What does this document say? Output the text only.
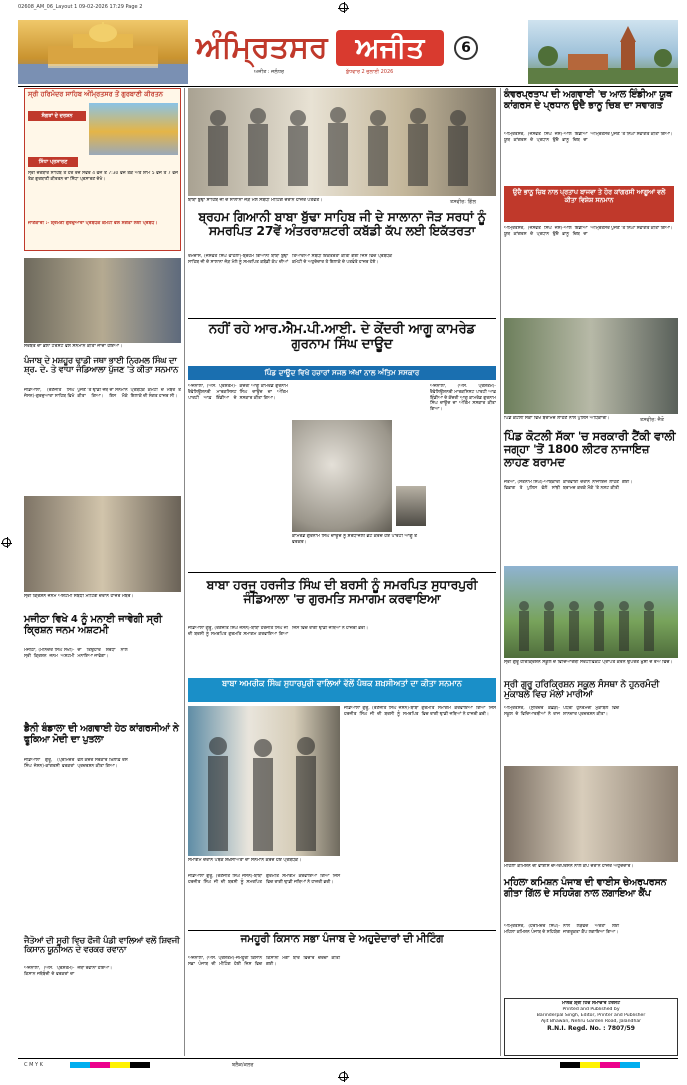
02608_AM_06_Layout 1 09-02-2026 17:29 Page 2
ਅੰਮ੍ਰਿਤਸਰ	ਅਜੀਤ	6
ਅਜੀਤ : ਜਲੰਧਰ	ਬੁੱਧਵਾਰ 2 ਜੁਲਾਈ 2026
ਸ੍ਰੀ ਹਰਿਮੰਦਰ ਸਾਹਿਬ ਅੰਮ੍ਰਿਤਸਰ ਤੋਂ ਗੁਰਬਾਣੀ ਕੀਰਤਨ
ਸੰਗਤਾਂ ਦੇ ਦਰਸ਼ਨ
ਸਿੱਧਾ ਪ੍ਰਸਾਰਣ
ਸ੍ਰੀ ਦਰਬਾਰ ਸਾਹਿਬ ਤੋਂ ਹਰ ਰੋਜ਼ ਸਵੇਰੇ 4 ਵਜੇ ਤੋਂ 7:30 ਵਜੇ ਤੱਕ ਅਤੇ ਸ਼ਾਮ 5 ਵਜੇ ਤੋਂ 7 ਵਜੇ ਤੱਕ ਗੁਰਬਾਣੀ ਕੀਰਤਨ ਦਾ ਸਿੱਧਾ ਪ੍ਰਸਾਰਣ ਦੇਖੋ।
ਜਾਣਕਾਰੀ :- ਸ਼੍ਰੋਮਣੀ ਗੁਰਦੁਆਰਾ ਪ੍ਰਬੰਧਕ ਕਮੇਟੀ ਵੱਲੋਂ ਸੰਗਤਾਂ ਲਈ ਪ੍ਰਬੰਧ।
ਸਰਬੱਤ ਦਾ ਭਲਾ ਟਰੱਸਟ ਵੱਲੋਂ ਸਨਮਾਨ ਕੀਤਾ ਜਾਂਦਾ ਹੋਇਆ।
ਪੰਜਾਬ ਦੇ ਮਸ਼ਹੂਰ ਢਾਡੀ ਜਥਾ ਭਾਈ ਨਿਰਮਲ ਸਿੰਘ ਦਾ ਸ਼੍ਰ. ਦੇ. ਤੇ ਵਾਧਾ ਜੰਡਿਆਲਾ ਪੁੱਜਣ 'ਤੇ ਕੀਤਾ ਸਨਮਾਨ
ਜੰਡਿਆਲਾ, (ਰਣਜੀਤ ਸਿੰਘ ਜੋਸਨ)-ਗੁਰਦੁਆਰਾ ਸਾਹਿਬ ਵਿਖੇ ਪੁੱਜਣ 'ਤੇ ਢਾਡੀ ਜਥੇ ਦਾ ਸਨਮਾਨ ਕੀਤਾ ਗਿਆ। ਇਸ ਮੌਕੇ ਪ੍ਰਬੰਧਕ ਕਮੇਟੀ ਦੇ ਮੈਂਬਰ ਤੇ ਇਲਾਕੇ ਦੀ ਸੰਗਤ ਹਾਜ਼ਰ ਸੀ।
ਸ੍ਰੀ ਕ੍ਰਿਸ਼ਨ ਜਨਮ ਅਸ਼ਟਮੀ ਸਬੰਧੀ ਮੀਟਿੰਗ ਦੌਰਾਨ ਹਾਜ਼ਰ ਮੈਂਬਰ।
ਮਜੀਠਾ ਵਿਖੇ 4 ਨੂੰ ਮਨਾਈ ਜਾਵੇਗੀ ਸ੍ਰੀ ਕ੍ਰਿਸ਼ਨ ਜਨਮ ਅਸ਼ਟਮੀ
ਮਜੀਠਾ, (ਮਨਿੰਦਰ ਸਿੰਘ ਸੋਖੀ)-ਸ੍ਰੀ ਕ੍ਰਿਸ਼ਨ ਜਨਮ ਅਸ਼ਟਮੀ ਦਾ ਤਿਉਹਾਰ ਸ਼ਰਧਾ ਨਾਲ ਮਨਾਇਆ ਜਾਵੇਗਾ।
ਡੈਨੀ ਬੰਡਾਲਾ ਦੀ ਅਗਵਾਈ ਹੇਠ ਕਾਂਗਰਸੀਆਂ ਨੇ ਫੂਕਿਆ ਮੋਦੀ ਦਾ ਪੁਤਲਾ
ਜੰਡਿਆਲਾ ਗੁਰੂ, (ਪ੍ਰਮਿੰਦਰ ਸਿੰਘ ਜੋਸਨ)-ਕਾਂਗਰਸੀ ਵਰਕਰਾਂ ਵੱਲੋਂ ਕੇਂਦਰ ਸਰਕਾਰ ਖ਼ਿਲਾਫ਼ ਰੋਸ ਪ੍ਰਦਰਸ਼ਨ ਕੀਤਾ ਗਿਆ।
ਜੈਤੋਆਂ ਦੀ ਸੂਰੀ ਵਿਚ ਫੌਜੀ ਪੰਡੀ ਵਾਲਿਆਂ ਵਲੋਂ ਸ਼ਿਵਜੀ ਕਿਸਾਨ ਯੂਨੀਅਨ ਦੇ ਵਰਕਰ ਰਵਾਨਾ
ਅਜਨਾਲਾ, (ਐਸ. ਪ੍ਰਸ਼ੋਤਮ)-ਕਿਸਾਨ ਜਥੇਬੰਦੀ ਦੇ ਵਰਕਰਾਂ ਦਾ ਜਥਾ ਰਵਾਨਾ ਹੋਇਆ।
ਬਾਬਾ ਬੁੱਢਾ ਸਾਹਿਬ ਜੀ ਦੇ ਸਾਲਾਨਾ ਜੋੜ ਮੇਲੇ ਸਬੰਧੀ ਮੀਟਿੰਗ ਦੌਰਾਨ ਹਾਜ਼ਰ ਪਤਵੰਤੇ।	ਤਸਵੀਰ: ਗਿੱਲ
ਬ੍ਰਹਮ ਗਿਆਨੀ ਬਾਬਾ ਬੁੱਢਾ ਸਾਹਿਬ ਜੀ ਦੇ ਸਾਲਾਨਾ ਜੋੜ ਸਰਧਾਂ ਨੂੰ ਸਮਰਪਿਤ 27ਵੇਂ ਅੰਤਰਰਾਸ਼ਟਰੀ ਕਬੱਡੀ ਕੱਪ ਲਈ ਇਕੱਤਰਤਾ
ਰਮਦਾਸ, (ਜਸਵੰਤ ਸਿੰਘ ਵਾਹਲਾ)-ਬ੍ਰਹਮ ਗਿਆਨੀ ਬਾਬਾ ਬੁੱਢਾ ਸਾਹਿਬ ਜੀ ਦੇ ਸਾਲਾਨਾ ਜੋੜ ਮੇਲੇ ਨੂੰ ਸਮਰਪਿਤ ਕਬੱਡੀ ਕੱਪ ਦੀਆਂ ਤਿਆਰੀਆਂ ਸਬੰਧੀ ਇਕੱਤਰਤਾ ਕੀਤੀ ਗਈ ਜਿਸ ਵਿਚ ਪ੍ਰਬੰਧਕ ਕਮੇਟੀ ਦੇ ਅਹੁਦੇਦਾਰ ਤੇ ਇਲਾਕੇ ਦੇ ਪਤਵੰਤੇ ਹਾਜ਼ਰ ਹੋਏ।
ਨਹੀਂ ਰਹੇ ਆਰ.ਐਮ.ਪੀ.ਆਈ. ਦੇ ਕੇਂਦਰੀ ਆਗੂ ਕਾਮਰੇਡ ਗੁਰਨਾਮ ਸਿੰਘ ਦਾਊਦ
ਪਿੰਡ ਦਾਊਦ ਵਿਖੇ ਹਜ਼ਾਰਾਂ ਸਜਲ ਅੱਖਾਂ ਨਾਲ ਅੰਤਿਮ ਸਸਕਾਰ
ਅਜਨਾਲਾ, (ਐਸ. ਪ੍ਰਸ਼ੋਤਮ)-ਰੈਵੋਲਿਊਸ਼ਨਰੀ ਮਾਰਕਸਿਸਟ ਪਾਰਟੀ ਆਫ਼ ਇੰਡੀਆ ਦੇ ਕੇਂਦਰੀ ਆਗੂ ਕਾਮਰੇਡ ਗੁਰਨਾਮ ਸਿੰਘ ਦਾਊਦ ਦਾ ਅੰਤਿਮ ਸਸਕਾਰ ਕੀਤਾ ਗਿਆ।
ਅਜਨਾਲਾ, (ਐਸ. ਪ੍ਰਸ਼ੋਤਮ)-ਰੈਵੋਲਿਊਸ਼ਨਰੀ ਮਾਰਕਸਿਸਟ ਪਾਰਟੀ ਆਫ਼ ਇੰਡੀਆ ਦੇ ਕੇਂਦਰੀ ਆਗੂ ਕਾਮਰੇਡ ਗੁਰਨਾਮ ਸਿੰਘ ਦਾਊਦ ਦਾ ਅੰਤਿਮ ਸਸਕਾਰ ਕੀਤਾ ਗਿਆ।
ਕਾਮਰੇਡ ਗੁਰਨਾਮ ਸਿੰਘ ਦਾਊਦ ਨੂੰ ਸ਼ਰਧਾਂਜਲੀ ਭੇਟ ਕਰਦੇ ਹੋਏ ਪਾਰਟੀ ਆਗੂ ਤੇ ਵਰਕਰ।
ਬਾਬਾ ਹਰਜੂ ਹਰਜੀਤ ਸਿੰਘ ਦੀ ਬਰਸੀ ਨੂੰ ਸਮਰਪਿਤ ਸੁਧਾਰਪੁਰੀ ਜੰਡਿਆਲਾ 'ਚ ਗੁਰਮਤਿ ਸਮਾਗਮ ਕਰਵਾਇਆ
ਬਾਬਾ ਅਮਰੀਕ ਸਿੰਘ ਸੁਧਾਰਪੁਰੀ ਵਾਲਿਆਂ ਵੱਲੋਂ ਪੰਥਕ ਸ਼ਖ਼ਸੀਅਤਾਂ ਦਾ ਕੀਤਾ ਸਨਮਾਨ
ਜੰਡਿਆਲਾ ਗੁਰੂ, (ਰਣਜੀਤ ਸਿੰਘ ਜੋਸਨ)-ਬਾਬਾ ਹਰਜੀਤ ਸਿੰਘ ਜੀ ਦੀ ਬਰਸੀ ਨੂੰ ਸਮਰਪਿਤ ਗੁਰਮਤਿ ਸਮਾਗਮ ਕਰਵਾਇਆ ਗਿਆ ਜਿਸ ਵਿਚ ਰਾਗੀ ਢਾਡੀ ਜਥਿਆਂ ਨੇ ਹਾਜ਼ਰੀ ਭਰੀ।
ਜੰਡਿਆਲਾ ਗੁਰੂ, (ਰਣਜੀਤ ਸਿੰਘ ਜੋਸਨ)-ਬਾਬਾ ਹਰਜੀਤ ਸਿੰਘ ਜੀ ਦੀ ਬਰਸੀ ਨੂੰ ਸਮਰਪਿਤ ਗੁਰਮਤਿ ਸਮਾਗਮ ਕਰਵਾਇਆ ਗਿਆ ਜਿਸ ਵਿਚ ਰਾਗੀ ਢਾਡੀ ਜਥਿਆਂ ਨੇ ਹਾਜ਼ਰੀ ਭਰੀ।
ਸਮਾਗਮ ਦੌਰਾਨ ਪੰਥਕ ਸ਼ਖ਼ਸੀਅਤਾਂ ਦਾ ਸਨਮਾਨ ਕਰਦੇ ਹੋਏ ਪ੍ਰਬੰਧਕ।
ਜੰਡਿਆਲਾ ਗੁਰੂ, (ਰਣਜੀਤ ਸਿੰਘ ਜੋਸਨ)-ਬਾਬਾ ਹਰਜੀਤ ਸਿੰਘ ਜੀ ਦੀ ਬਰਸੀ ਨੂੰ ਸਮਰਪਿਤ ਗੁਰਮਤਿ ਸਮਾਗਮ ਕਰਵਾਇਆ ਗਿਆ ਜਿਸ ਵਿਚ ਰਾਗੀ ਢਾਡੀ ਜਥਿਆਂ ਨੇ ਹਾਜ਼ਰੀ ਭਰੀ।
ਜਮਹੂਰੀ ਕਿਸਾਨ ਸਭਾ ਪੰਜਾਬ ਦੇ ਅਹੁਦੇਦਾਰਾਂ ਦੀ ਮੀਟਿੰਗ
ਅਜਨਾਲਾ, (ਐਸ. ਪ੍ਰਸ਼ੋਤਮ)-ਜਮਹੂਰੀ ਕਿਸਾਨ ਸਭਾ ਪੰਜਾਬ ਦੀ ਮੀਟਿੰਗ ਹੋਈ ਜਿਸ ਵਿਚ ਕਿਸਾਨੀ ਮੰਗਾਂ ਬਾਰੇ ਵਿਚਾਰ ਚਰਚਾ ਕੀਤੀ ਗਈ।
ਕੰਵਰਪ੍ਰਤਾਪ ਦੀ ਅਗਵਾਈ 'ਚ ਆਲ ਇੰਡੀਆ ਯੂਥ ਕਾਂਗਰਸ ਦੇ ਪ੍ਰਧਾਨ ਉਦੈ ਭਾਨੂ ਚਿਬ ਦਾ ਸਵਾਗਤ
ਅੰਮ੍ਰਿਤਸਰ, (ਜਸਵੰਤ ਸਿੰਘ ਜੱਸ)-ਆਲ ਇੰਡੀਆ ਯੂਥ ਕਾਂਗਰਸ ਦੇ ਪ੍ਰਧਾਨ ਉਦੈ ਭਾਨੂ ਚਿਬ ਦਾ ਅੰਮ੍ਰਿਤਸਰ ਪੁੱਜਣ 'ਤੇ ਨਿੱਘਾ ਸਵਾਗਤ ਕੀਤਾ ਗਿਆ।
ਉਦੈ ਭਾਨੂ ਚਿਬ ਨਾਲ ਪ੍ਰਤਾਪ ਬਾਜਵਾ ਤੇ ਹੋਰ ਕਾਂਗਰਸੀ ਆਗੂਆਂ ਵਲੋਂ ਕੀਤਾ ਵਿਸ਼ੇਸ਼ ਸਨਮਾਨ
ਅੰਮ੍ਰਿਤਸਰ, (ਜਸਵੰਤ ਸਿੰਘ ਜੱਸ)-ਆਲ ਇੰਡੀਆ ਯੂਥ ਕਾਂਗਰਸ ਦੇ ਪ੍ਰਧਾਨ ਉਦੈ ਭਾਨੂ ਚਿਬ ਦਾ ਅੰਮ੍ਰਿਤਸਰ ਪੁੱਜਣ 'ਤੇ ਨਿੱਘਾ ਸਵਾਗਤ ਕੀਤਾ ਗਿਆ।
ਪਿੰਡ ਕੋਟਲੀ ਸੱਕਾ ਵਿਖੇ ਬਰਾਮਦ ਲਾਹਣ ਨਾਲ ਪੁਲਿਸ ਅਧਿਕਾਰੀ।	ਤਸਵੀਰ: ਜੈਤੋ
ਪਿੰਡ ਕੋਟਲੀ ਸੱਕਾ 'ਚ ਸਰਕਾਰੀ ਟੈਂਕੀ ਵਾਲੀ ਜਗ੍ਹਾ 'ਤੋਂ 1800 ਲੀਟਰ ਨਾਜਾਇਜ਼ ਲਾਹਣ ਬਰਾਮਦ
ਜੈਤੋਆਂ, (ਸਤਨਾਮ ਸਿੰਘ)-ਆਬਕਾਰੀ ਵਿਭਾਗ ਤੇ ਪੁਲਿਸ ਵੱਲੋਂ ਸਾਂਝੀ ਕਾਰਵਾਈ ਦੌਰਾਨ ਨਾਜਾਇਜ਼ ਲਾਹਣ ਬਰਾਮਦ ਕਰਕੇ ਮੌਕੇ 'ਤੇ ਨਸ਼ਟ ਕੀਤੀ ਗਈ।
ਸ੍ਰੀ ਗੁਰੂ ਹਰਿਕ੍ਰਿਸ਼ਨ ਸਕੂਲ ਦੇ ਵਿਦਿਆਰਥੀ ਸਰਟੀਫਿਕੇਟ ਪ੍ਰਾਪਤ ਕਰਨ ਉਪਰੰਤ ਖ਼ੁਸ਼ੀ ਦੇ ਰੌਂਅ ਵਿਚ।
ਸ੍ਰੀ ਗੁਰੂ ਹਰਿਕ੍ਰਿਸ਼ਨ ਸਕੂਲ ਸੰਸਥਾ ਨੇ ਹੁਨਰਮੰਦੀ ਮੁਕਾਬਲੇ ਵਿਚ ਮੱਲਾਂ ਮਾਰੀਆਂ
ਅੰਮ੍ਰਿਤਸਰ, (ਸੁਰਿੰਦਰ ਕੋਛੜ)-ਸਕੂਲ ਦੇ ਵਿਦਿਆਰਥੀਆਂ ਨੇ ਰਾਜ ਪੱਧਰੀ ਹੁਨਰਮੰਦੀ ਮੁਕਾਬਲੇ ਵਿਚ ਸ਼ਾਨਦਾਰ ਪ੍ਰਦਰਸ਼ਨ ਕੀਤਾ।
ਮਹਿਲਾ ਕਮਿਸ਼ਨ ਦੀ ਵਾਈਸ ਚੇਅਰਪਰਸਨ ਨਾਲ ਕੈਂਪ ਦੌਰਾਨ ਹਾਜ਼ਰ ਅਹੁਦੇਦਾਰ।
ਮਹਿਲਾ ਕਮਿਸ਼ਨ ਪੰਜਾਬ ਦੀ ਵਾਈਸ ਚੇਅਰਪਰਸਨ ਗੀਤਾ ਗਿੱਲ ਦੇ ਸਹਿਯੋਗ ਨਾਲ ਲਗਾਇਆ ਕੈਂਪ
ਅੰਮ੍ਰਿਤਸਰ, (ਹਰਮਿੰਦਰ ਸਿੰਘ)-ਮਹਿਲਾ ਕਮਿਸ਼ਨ ਪੰਜਾਬ ਦੇ ਸਹਿਯੋਗ ਨਾਲ ਲੋੜਵੰਦ ਔਰਤਾਂ ਲਈ ਜਾਗਰੂਕਤਾ ਕੈਂਪ ਲਗਾਇਆ ਗਿਆ।
ਮਾਲਕ ਸ਼੍ਰੀ ਹਿੰਦ ਸਮਾਚਾਰ ਟਰੱਸਟ
Printed and Published by
Barinderpal Singh, Editor, Printer and Publisher
Ajit Bhawan, Nehru Garden Road, Jalandhar
R.N.I. Regd. No. : 7807/59
C M Y K	ਬਲੈਕ/ਕਲਰ
